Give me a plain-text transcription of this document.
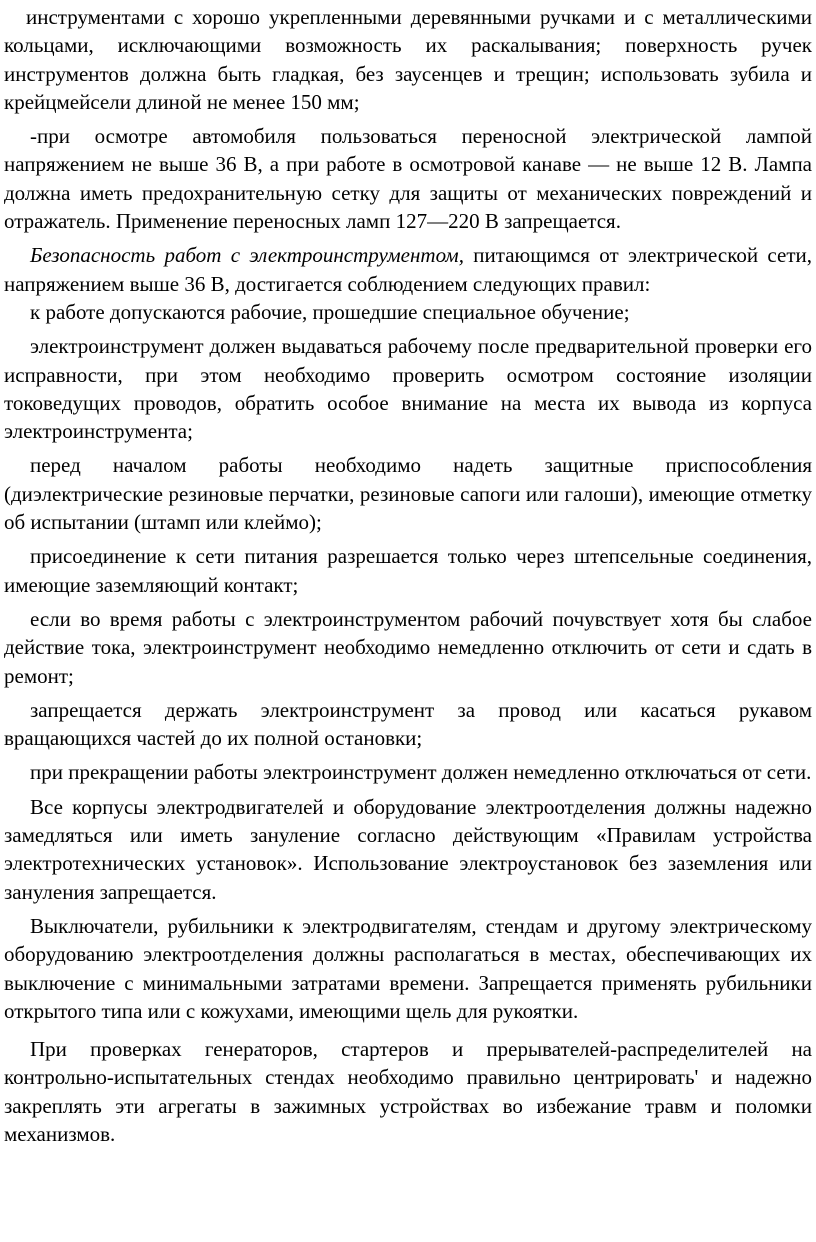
инструментами с хорошо укрепленными деревянными ручками и с металлическими кольцами, исключающими возможность их раскалывания; поверхность ручек инструментов должна быть гладкая, без заусенцев и трещин; использовать зубила и крейцмейсели длиной не менее 150 мм;

-при осмотре автомобиля пользоваться переносной электрической лампой напряжением не выше 36 В, а при работе в осмотровой канаве — не выше 12 В. Лампа должна иметь предохранительную сетку для защиты от механических повреждений и отражатель. Применение переносных ламп 127—220 В запрещается.

Безопасность работ с электроинструментом, питающимся от электрической сети, напряжением выше 36 В, достигается соблюдением следующих правил:

к работе допускаются рабочие, прошедшие специальное обучение;

электроинструмент должен выдаваться рабочему после предварительной проверки его исправности, при этом необходимо проверить осмотром состояние изоляции токоведущих проводов, обратить особое внимание на места их вывода из корпуса электроинструмента;

перед началом работы необходимо надеть защитные приспособления (диэлектрические резиновые перчатки, резиновые сапоги или галоши), имеющие отметку об испытании (штамп или клеймо);

присоединение к сети питания разрешается только через штепсельные соединения, имеющие заземляющий контакт;

если во время работы с электроинструментом рабочий почувствует хотя бы слабое действие тока, электроинструмент необходимо немедленно отключить от сети и сдать в ремонт;

запрещается держать электроинструмент за провод или касаться рукавом вращающихся частей до их полной остановки;

при прекращении работы электроинструмент должен немедленно отключаться от сети.

Все корпусы электродвигателей и оборудование электроотделения должны надежно замедляться или иметь зануление согласно действующим «Правилам устройства электротехнических установок». Использование электроустановок без заземления или зануления запрещается.

Выключатели, рубильники к электродвигателям, стендам и другому электрическому оборудованию электроотделения должны располагаться в местах, обеспечивающих их выключение с минимальными затратами времени. Запрещается применять рубильники открытого типа или с кожухами, имеющими щель для рукоятки.

При проверках генераторов, стартеров и прерывателей-распределителей на контрольно-испытательных стендах необходимо правильно центрировать' и надежно закреплять эти агрегаты в зажимных устройствах во избежание травм и поломки механизмов.
